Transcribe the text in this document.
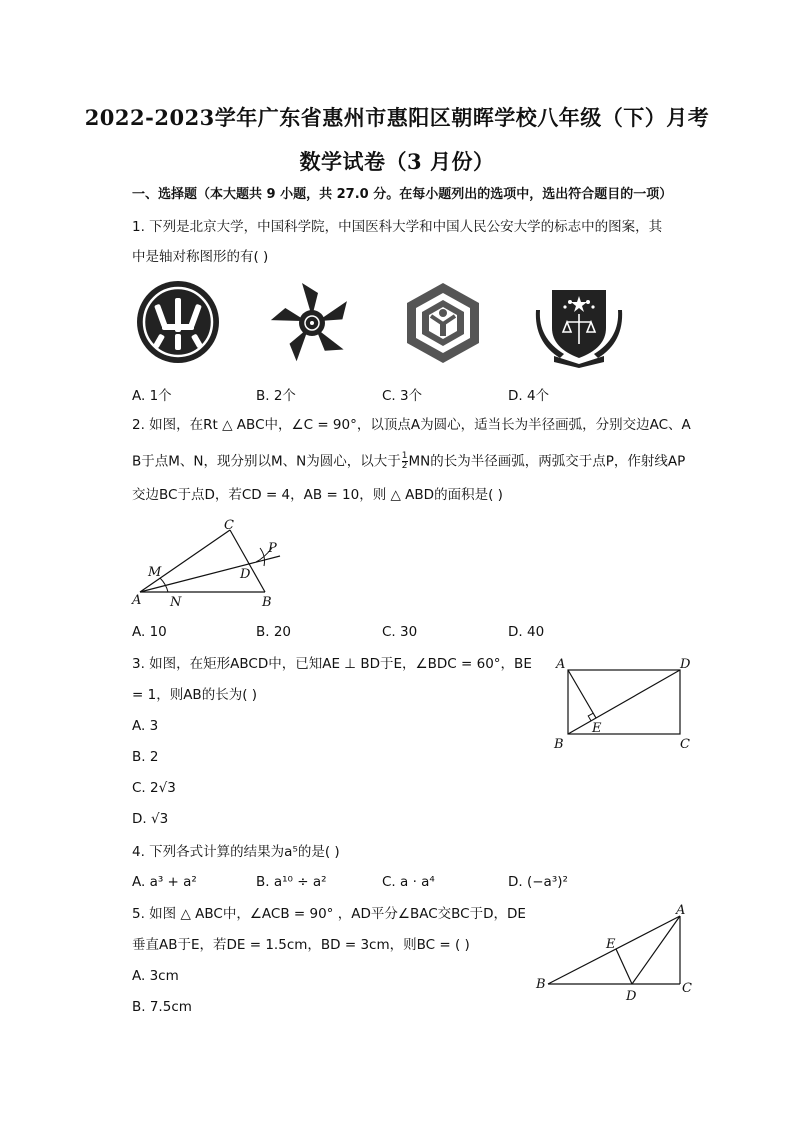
2022-2023学年广东省惠州市惠阳区朝晖学校八年级（下）月考
数学试卷（3 月份）
一、选择题（本大题共 9 小题，共 27.0 分。在每小题列出的选项中，选出符合题目的一项）
1. 下列是北京大学，中国科学院，中国医科大学和中国人民公安大学的标志中的图案，其
中是轴对称图形的有( )
A. 1个	B. 2个	C. 3个	D. 4个
2. 如图，在Rt △ ABC中，∠C = 90°，以顶点A为圆心，适当长为半径画弧，分别交边AC、A
B于点M、N，现分别以M、N为圆心，以大于 $\frac{1}{2}$ MN的长为半径画弧，两弧交于点P，作射线AP
交边BC于点D，若CD = 4，AB = 10，则 △ ABD的面积是( )
C
P
M	D
A N	B
A. 10	B. 20	C. 30	D. 40
3. 如图，在矩形ABCD中，已知AE ⊥ BD于E，∠BDC = 60°，BE
= 1，则AB的长为( )
A	D
E
B	C
A. 3
B. 2
C. 2√3
D. √3
4. 下列各式计算的结果为a⁵的是( )
A. a³ + a²	B. a¹⁰ ÷ a²	C. a · a⁴	D. (−a³)²
5. 如图 △ ABC中，∠ACB = 90° ，AD平分∠BAC交BC于D，DE
垂直AB于E，若DE = 1.5cm，BD = 3cm，则BC = ( )
A
E
B
D
C
A. 3cm
B. 7.5cm
